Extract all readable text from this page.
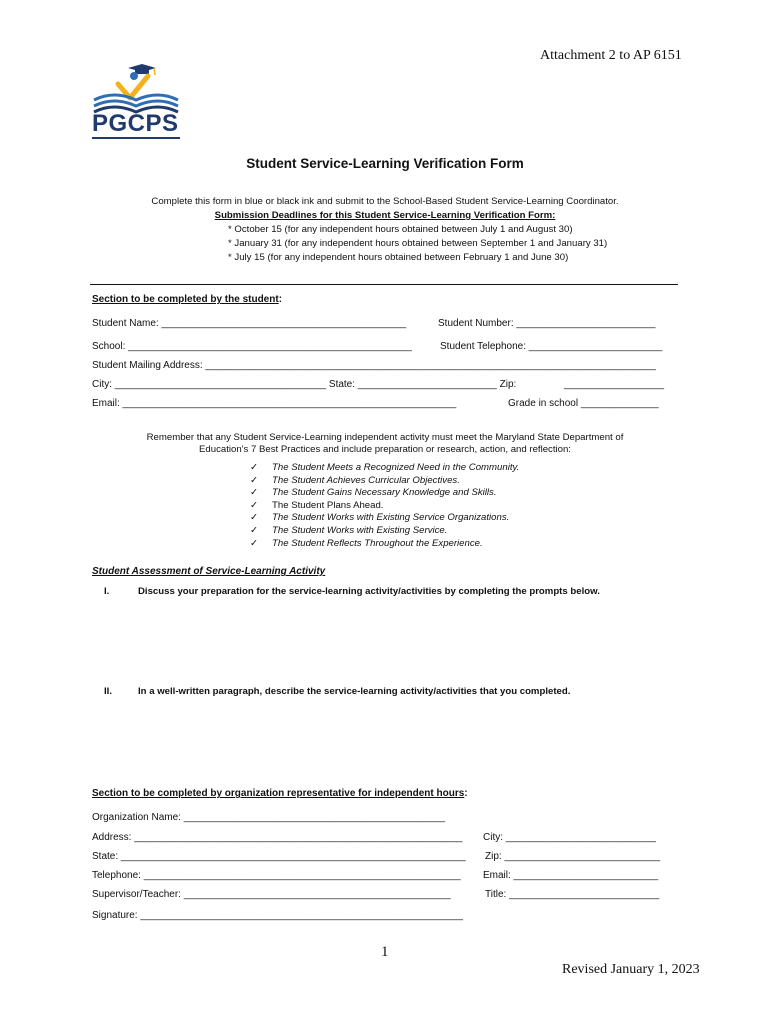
Attachment 2 to AP 6151
PGCPS
Student Service-Learning Verification Form
Complete this form in blue or black ink and submit to the School-Based Student Service-Learning Coordinator.
Submission Deadlines for this Student Service-Learning Verification Form:
* October 15 (for any independent hours obtained between July 1 and August 30)
* January 31 (for any independent hours obtained between September 1 and January 31)
* July 15 (for any independent hours obtained between February 1 and June 30)
Section to be completed by the student:
Student Name: ____________________________________________	Student Number: _________________________
School: ___________________________________________________	Student Telephone: ________________________
Student Mailing Address: _________________________________________________________________________________
City: ______________________________________ State: _________________________ Zip:	__________________
Email: ____________________________________________________________	Grade in school ______________
Remember that any Student Service-Learning independent activity must meet the Maryland State Department of
Education's 7 Best Practices and include preparation or research, action, and reflection:
✓ The Student Meets a Recognized Need in the Community.
✓ The Student Achieves Curricular Objectives.
✓ The Student Gains Necessary Knowledge and Skills.
✓ The Student Plans Ahead.
✓ The Student Works with Existing Service Organizations.
✓ The Student Works with Existing Service.
✓ The Student Reflects Throughout the Experience.
Student Assessment of Service-Learning Activity
I.	Discuss your preparation for the service-learning activity/activities by completing the prompts below.
II.	In a well-written paragraph, describe the service-learning activity/activities that you completed.
Section to be completed by organization representative for independent hours:
Organization Name: _______________________________________________
Address: ___________________________________________________________ City: ___________________________
State: ______________________________________________________________ Zip: ____________________________
Telephone: _________________________________________________________ Email: __________________________
Supervisor/Teacher: ________________________________________________	Title: ___________________________
Signature: __________________________________________________________
1
Revised January 1, 2023
